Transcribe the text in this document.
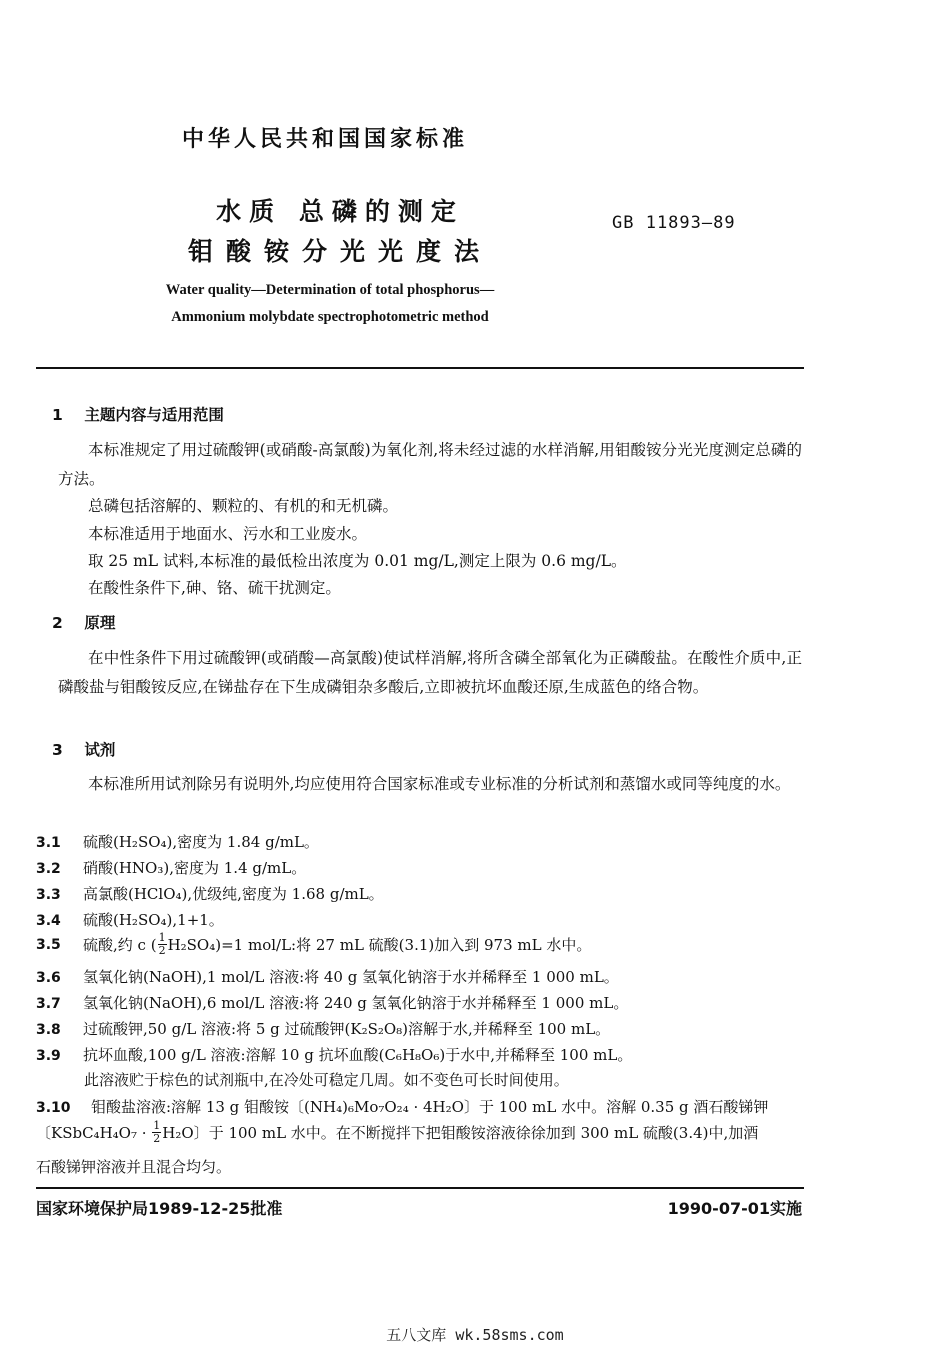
中华人民共和国国家标准
水质 总磷的测定
钼酸铵分光光度法
GB 11893—89
Water quality—Determination of total phosphorus—
Ammonium molybdate spectrophotometric method
1 主题内容与适用范围
本标准规定了用过硫酸钾(或硝酸-高氯酸)为氧化剂,将未经过滤的水样消解,用钼酸铵分光光度测定总磷的方法。
总磷包括溶解的、颗粒的、有机的和无机磷。
本标准适用于地面水、污水和工业废水。
取 25 mL 试料,本标准的最低检出浓度为 0.01 mg/L,测定上限为 0.6 mg/L。
在酸性条件下,砷、铬、硫干扰测定。
2 原理
在中性条件下用过硫酸钾(或硝酸—高氯酸)使试样消解,将所含磷全部氧化为正磷酸盐。在酸性介质中,正磷酸盐与钼酸铵反应,在锑盐存在下生成磷钼杂多酸后,立即被抗坏血酸还原,生成蓝色的络合物。
3 试剂
本标准所用试剂除另有说明外,均应使用符合国家标准或专业标准的分析试剂和蒸馏水或同等纯度的水。
3.1 硫酸(H₂SO₄),密度为 1.84 g/mL。
3.2 硝酸(HNO₃),密度为 1.4 g/mL。
3.3 高氯酸(HClO₄),优级纯,密度为 1.68 g/mL。
3.4 硫酸(H₂SO₄),1+1。
3.5 硫酸,约 c ( $\frac{1}{2} H_2SO_4)=1$ mol/L:将 27 mL 硫酸(3.1)加入到 973 mL 水中。
3.6 氢氧化钠(NaOH),1 mol/L 溶液:将 40 g 氢氧化钠溶于水并稀释至 1 000 mL。
3.7 氢氧化钠(NaOH),6 mol/L 溶液:将 240 g 氢氧化钠溶于水并稀释至 1 000 mL。
3.8 过硫酸钾,50 g/L 溶液:将 5 g 过硫酸钾(K₂S₂O₈)溶解于水,并稀释至 100 mL。
3.9 抗坏血酸,100 g/L 溶液:溶解 10 g 抗坏血酸(C₆H₈O₆)于水中,并稀释至 100 mL。
此溶液贮于棕色的试剂瓶中,在冷处可稳定几周。如不变色可长时间使用。
3.10 钼酸盐溶液:溶解 13 g 钼酸铵〔(NH₄)₆Mo₇O₂₄ · 4H₂O〕于 100 mL 水中。溶解 0.35 g 酒石酸锑钾
〔KSbC₄H₄O₇ · $\frac{1}{2} H_2O$〕于 100 mL 水中。在不断搅拌下把钼酸铵溶液徐徐加到 300 mL 硫酸(3.4)中,加酒
石酸锑钾溶液并且混合均匀。
国家环境保护局1989-12-25批准	1990-07-01实施
五八文库 wk.58sms.com
